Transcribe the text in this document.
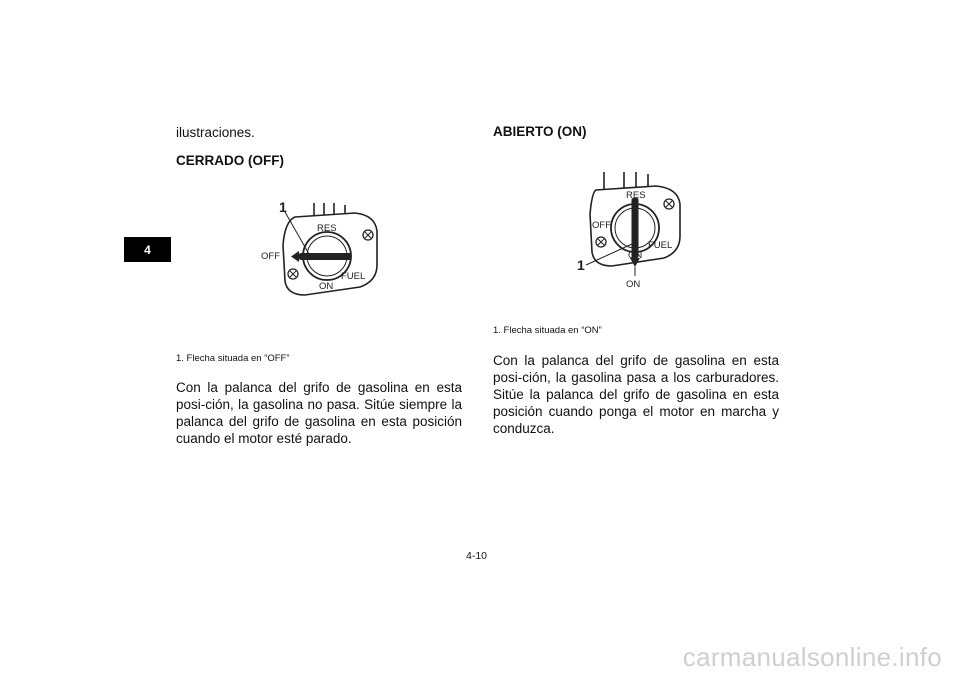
4
ilustraciones.
CERRADO (OFF)
1
RES
OFF
FUEL
ON
1. Flecha situada en “OFF”
Con la palanca del grifo de gasolina en esta posi-ción, la gasolina no pasa. Sitúe siempre la palanca del grifo de gasolina en esta posición cuando el motor esté parado.
ABIERTO (ON)
1
RES
OFF
FUEL
ON
ON
1. Flecha situada en “ON”
Con la palanca del grifo de gasolina en esta posi-ción, la gasolina pasa a los carburadores. Sitúe la palanca del grifo de gasolina en esta posición cuando ponga el motor en marcha y conduzca.
4-10
carmanualsonline.info
